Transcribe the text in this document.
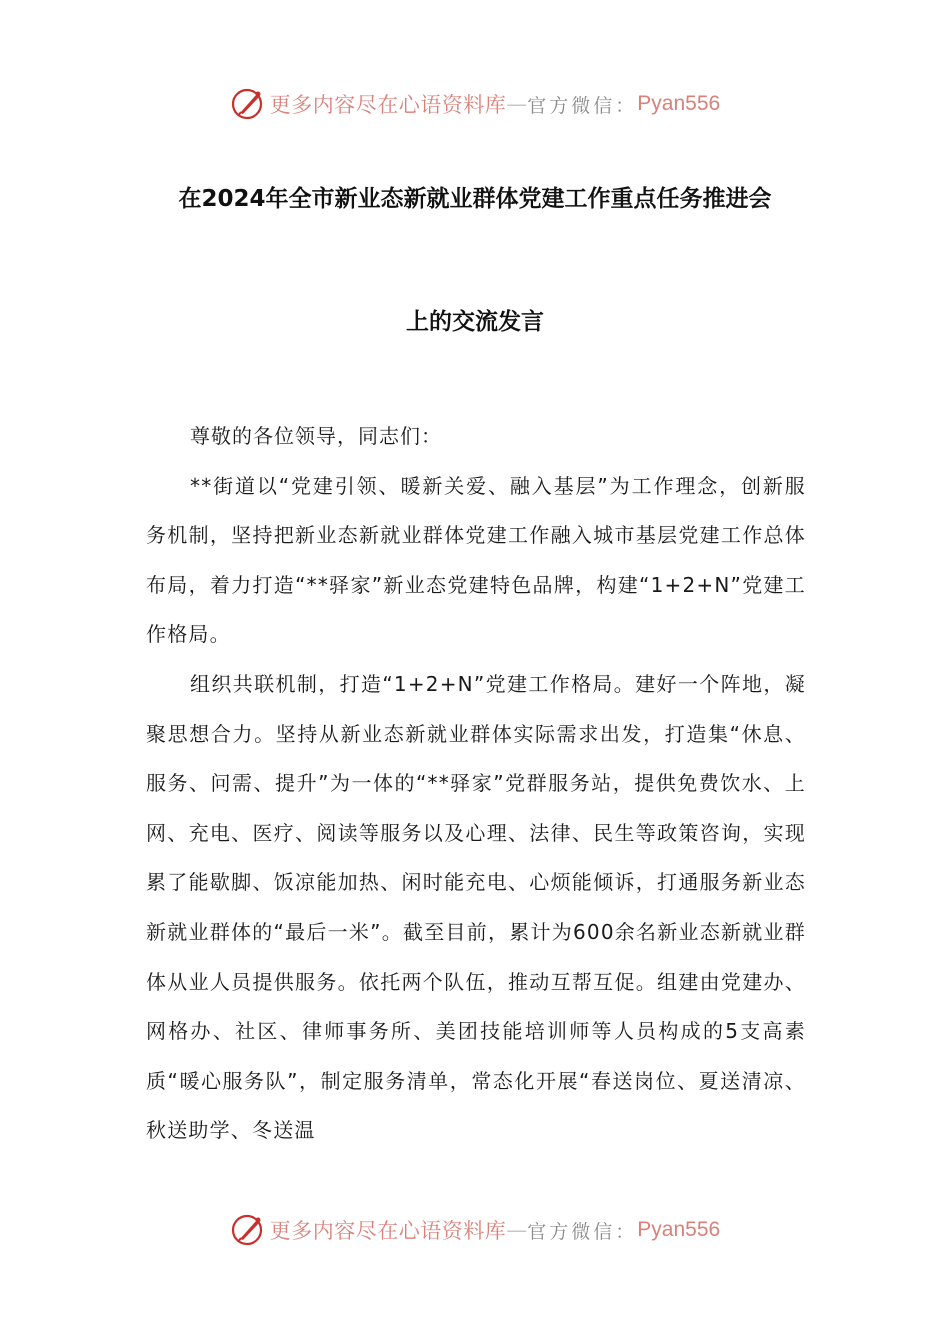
更多内容尽在心语资料库 — 官方微信： Pyan556
在2024年全市新业态新就业群体党建工作重点任务推进会
上的交流发言

尊敬的各位领导，同志们：

**街道以“党建引领、暖新关爱、融入基层”为工作理念，创新服务机制，坚持把新业态新就业群体党建工作融入城市基层党建工作总体布局，着力打造“**驿家”新业态党建特色品牌，构建“1+2+N”党建工作格局。

组织共联机制，打造“1+2+N”党建工作格局。建好一个阵地，凝聚思想合力。坚持从新业态新就业群体实际需求出发，打造集“休息、服务、问需、提升”为一体的“**驿家”党群服务站，提供免费饮水、上网、充电、医疗、阅读等服务以及心理、法律、民生等政策咨询，实现累了能歇脚、饭凉能加热、闲时能充电、心烦能倾诉，打通服务新业态新就业群体的“最后一米”。截至目前，累计为600余名新业态新就业群体从业人员提供服务。依托两个队伍，推动互帮互促。组建由党建办、网格办、社区、律师事务所、美团技能培训师等人员构成的5支高素质“暖心服务队”，制定服务清单，常态化开展“春送岗位、夏送清凉、秋送助学、冬送温

更多内容尽在心语资料库 — 官方微信： Pyan556
